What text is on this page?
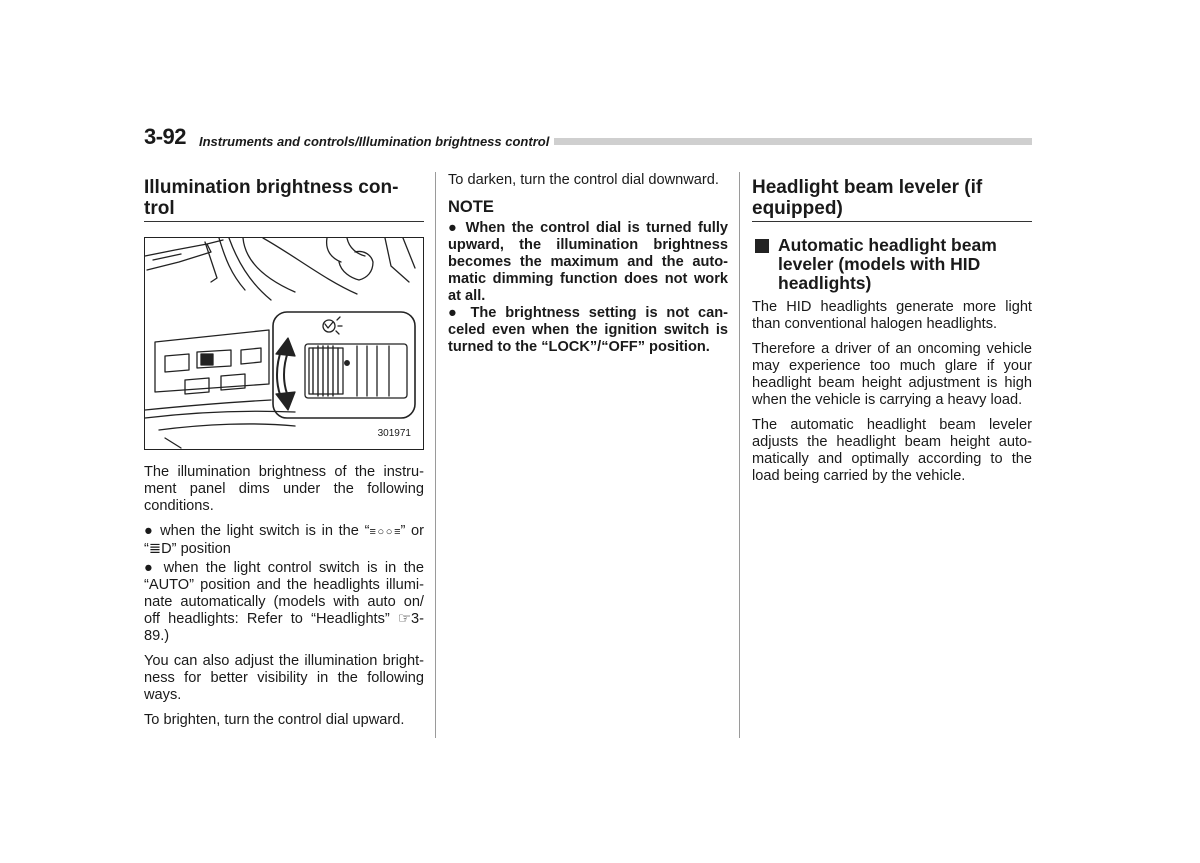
3-92 Instruments and controls/Illumination brightness control
Illumination brightness con-trol
301971

The illumination brightness of the instru-ment panel dims under the following conditions.

● when the light switch is in the “≡○○≡” or “≣D” position

● when the light control switch is in the “AUTO” position and the headlights illumi-nate automatically (models with auto on/ off headlights: Refer to “Headlights” ☞3-89.)

You can also adjust the illumination bright-ness for better visibility in the following ways.

To brighten, turn the control dial upward.

To darken, turn the control dial downward.

NOTE

● When the control dial is turned fully upward, the illumination brightness becomes the maximum and the auto-matic dimming function does not work at all.

● The brightness setting is not can-celed even when the ignition switch is turned to the “LOCK”/“OFF” position.

Headlight beam leveler (if equipped)
Automatic headlight beam leveler (models with HID headlights)

The HID headlights generate more light than conventional halogen headlights.

Therefore a driver of an oncoming vehicle may experience too much glare if your headlight beam height adjustment is high when the vehicle is carrying a heavy load.

The automatic headlight beam leveler adjusts the headlight beam height auto-matically and optimally according to the load being carried by the vehicle.
